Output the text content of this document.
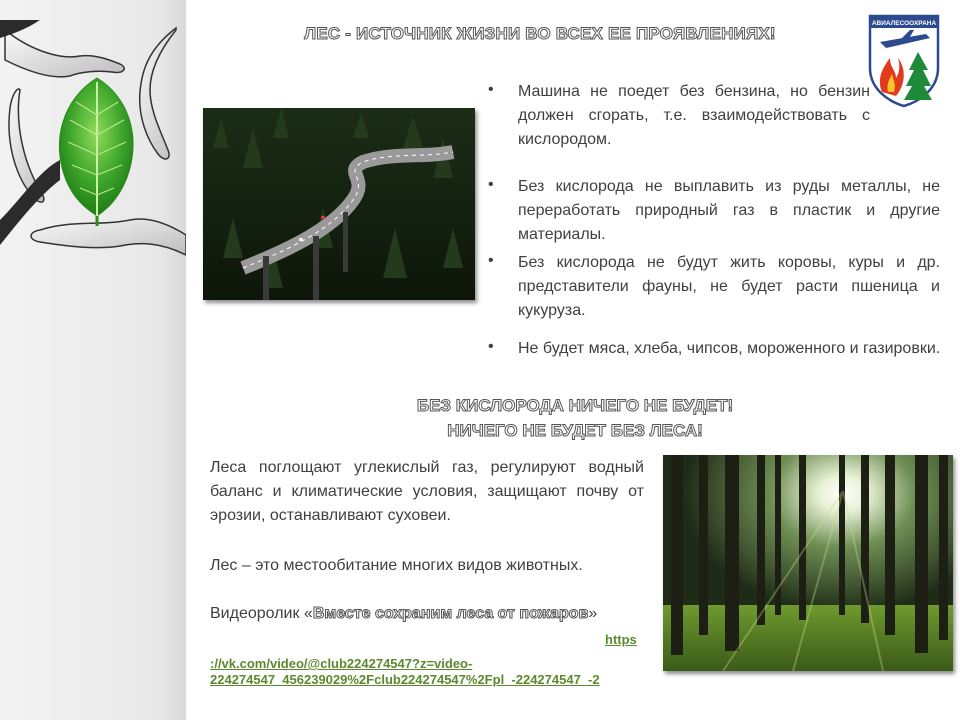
ЛЕС - ИСТОЧНИК ЖИЗНИ ВО ВСЕХ ЕЕ ПРОЯВЛЕНИЯХ!
АВИАЛЕСООХРАНА
• Машина не поедет без бензина, но бензин должен сгорать, т.е. взаимодействовать с кислородом.
• Без кислорода не выплавить из руды металлы, не переработать природный газ в пластик и другие материалы.
• Без кислорода не будут жить коровы, куры и др. представители фауны, не будет расти пшеница и кукуруза.
• Не будет мяса, хлеба, чипсов, мороженного и газировки.
БЕЗ КИСЛОРОДА НИЧЕГО НЕ БУДЕТ!
НИЧЕГО НЕ БУДЕТ БЕЗ ЛЕСА!
Леса поглощают углекислый газ, регулируют водный баланс и климатические условия, защищают почву от эрозии, останавливают суховеи.
Лес – это местообитание многих видов животных.
Видеоролик «Вместе сохраним леса от пожаров»
https
://vk.com/video/@club224274547?z=video-224274547_456239029%2Fclub224274547%2Fpl_-224274547_-2
